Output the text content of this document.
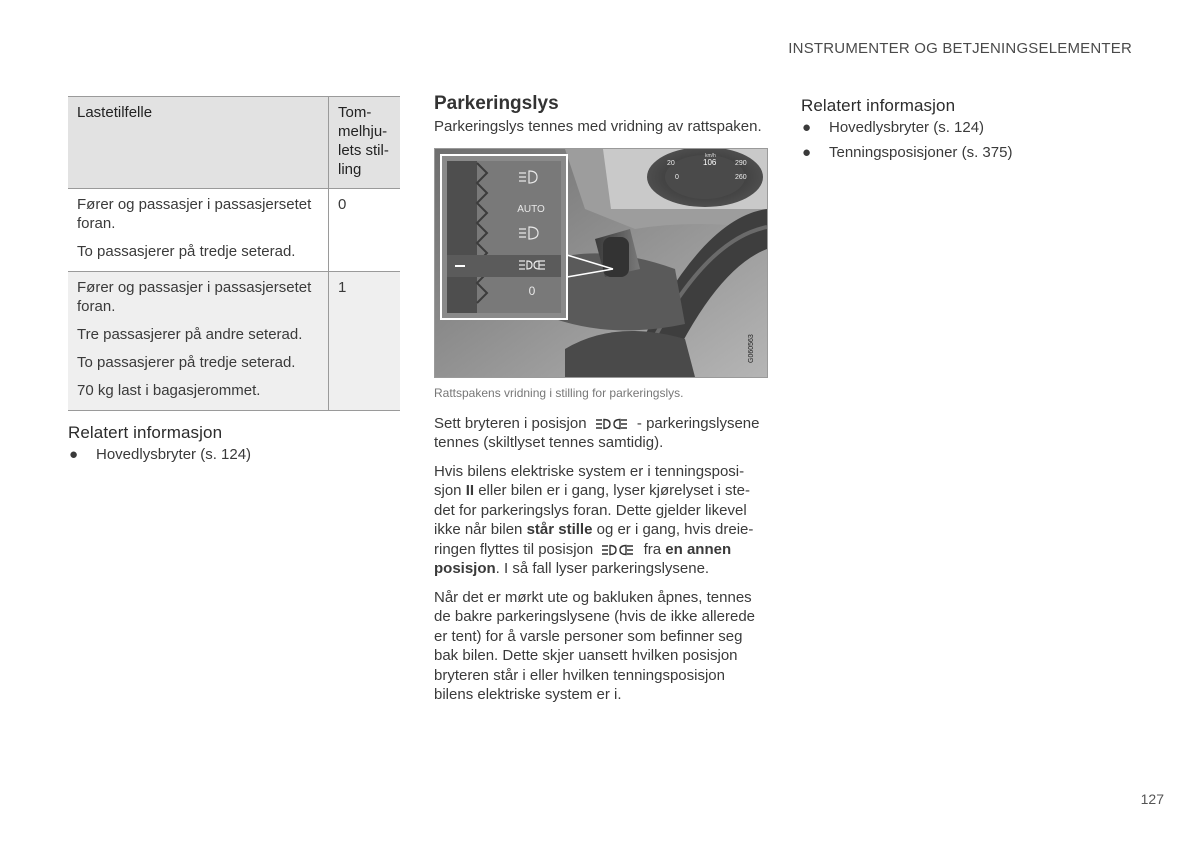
INSTRUMENTER OG BETJENINGSELEMENTER
Lastetilfelle	Tom-
melhju-
lets stil-
ling

Fører og passasjer i passasjersetet foran.

To passasjerer på tredje seterad.	0

Fører og passasjer i passasjersetet foran.

Tre passasjerer på andre seterad.

To passasjerer på tredje seterad.

70 kg last i bagasjerommet.	1
Relatert informasjon
● Hovedlysbryter (s. 124)
Parkeringslys

Parkeringslys tennes med vridning av rattspaken.

20
0
290
260
106
km/h
AUTO
0
G060563
Rattspakens vridning i stilling for parkeringslys.

Sett bryteren i posisjon	- parkeringslysene tennes (skiltlyset tennes samtidig).

Hvis bilens elektriske system er i tenningsposi-sjon II eller bilen er i gang, lyser kjørelyset i ste-det for parkeringslys foran. Dette gjelder likevel ikke når bilen står stille og er i gang, hvis dreie-ringen flyttes til posisjon	fra en annen posisjon. I så fall lyser parkeringslysene.

Når det er mørkt ute og bakluken åpnes, tennes de bakre parkeringslysene (hvis de ikke allerede er tent) for å varsle personer som befinner seg bak bilen. Dette skjer uansett hvilken posisjon bryteren står i eller hvilken tenningsposisjon bilens elektriske system er i.

Relatert informasjon
● Hovedlysbryter (s. 124)
● Tenningsposisjoner (s. 375)
127
